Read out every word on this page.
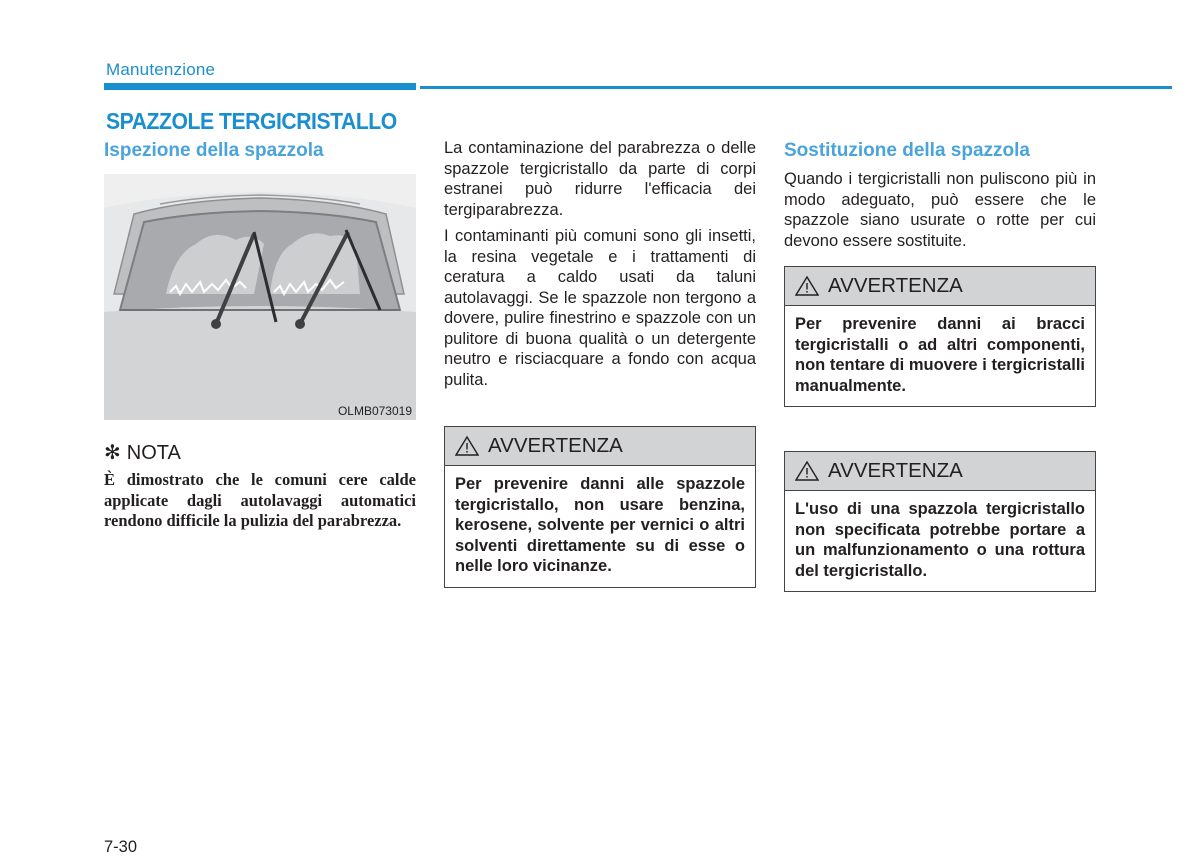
Manutenzione
SPAZZOLE TERGICRISTALLO
Ispezione della spazzola
OLMB073019
✻ NOTA
È dimostrato che le comuni cere calde applicate dagli autolavaggi automatici rendono difficile la pulizia del parabrezza.
La contaminazione del parabrezza o delle spazzole tergicristallo da parte di corpi estranei può ridurre l'efficacia dei tergiparabrezza.
I contaminanti più comuni sono gli insetti, la resina vegetale e i trattamenti di ceratura a caldo usati da taluni autolavaggi. Se le spazzole non tergono a dovere, pulire finestrino e spazzole con un pulitore di buona qualità o un detergente neutro e risciacquare a fondo con acqua pulita.
AVVERTENZA
Per prevenire danni alle spazzole tergicristallo, non usare benzina, kerosene, solvente per vernici o altri solventi direttamente su di esse o nelle loro vicinanze.
Sostituzione della spazzola
Quando i tergicristalli non puliscono più in modo adeguato, può essere che le spazzole siano usurate o rotte per cui devono essere sostituite.
AVVERTENZA
Per prevenire danni ai bracci tergicristalli o ad altri componenti, non tentare di muovere i tergicristalli manualmente.
AVVERTENZA
L'uso di una spazzola tergicristallo non specificata potrebbe portare a un malfunzionamento o una rottura del tergicristallo.
7-30
